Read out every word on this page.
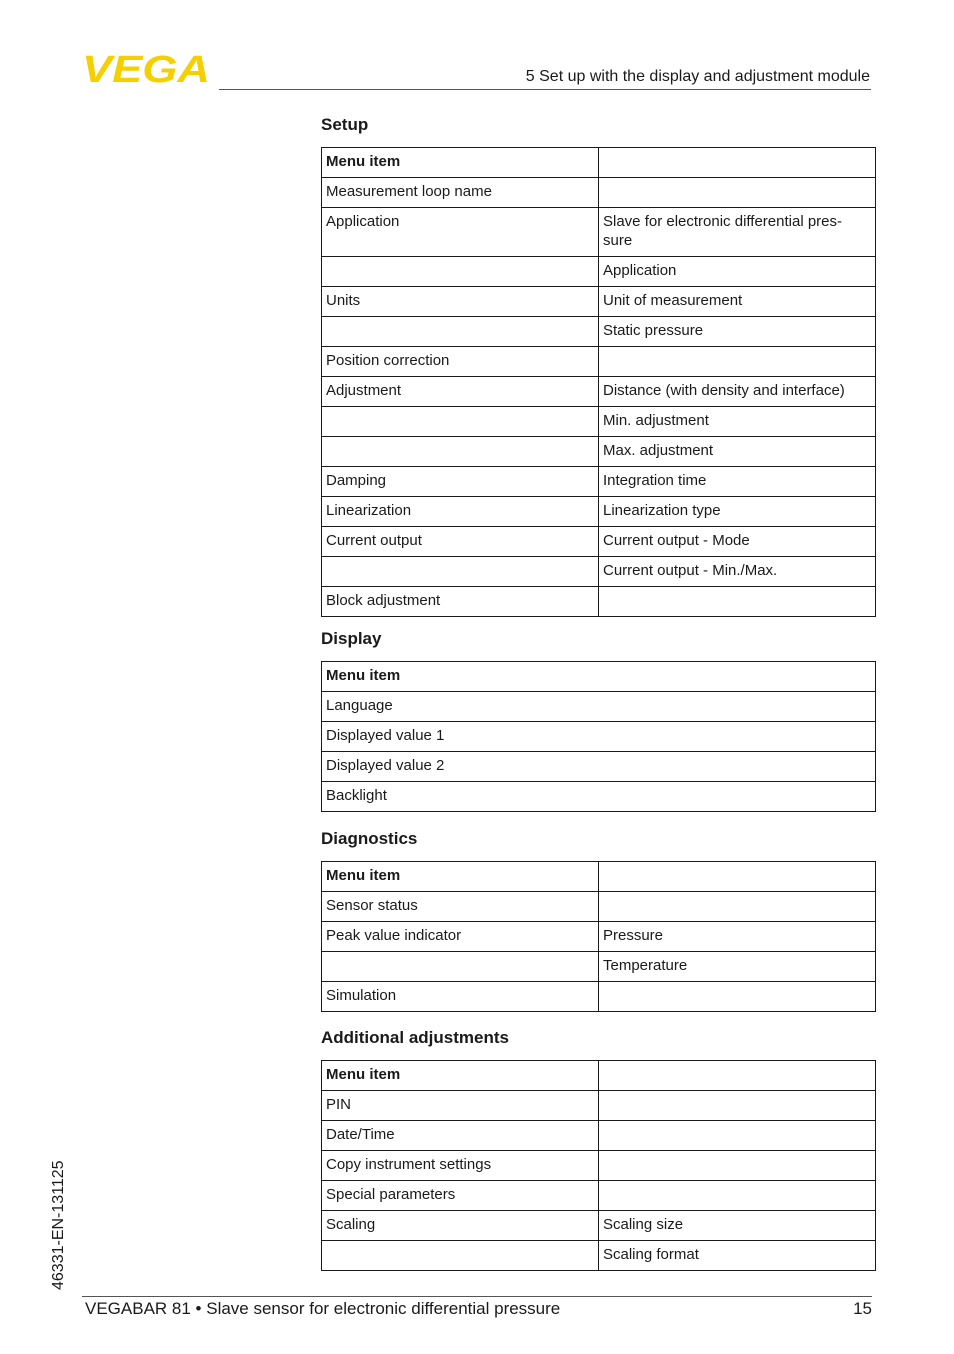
VEGA	5 Set up with the display and adjustment module
Setup
Menu item	
Measurement loop name	
Application	Slave for electronic differential pres-
sure
	Application
Units	Unit of measurement
	Static pressure
Position correction	
Adjustment	Distance (with density and interface)
	Min. adjustment
	Max. adjustment
Damping	Integration time
Linearization	Linearization type
Current output	Current output - Mode
	Current output - Min./Max.
Block adjustment	
Display
Menu item
Language
Displayed value 1
Displayed value 2
Backlight
Diagnostics
Menu item	
Sensor status	
Peak value indicator	Pressure
	Temperature
Simulation	
Additional adjustments
Menu item	
PIN	
Date/Time	
Copy instrument settings	
Special parameters	
Scaling	Scaling size
	Scaling format
46331-EN-131125
VEGABAR 81 • Slave sensor for electronic differential pressure	15
